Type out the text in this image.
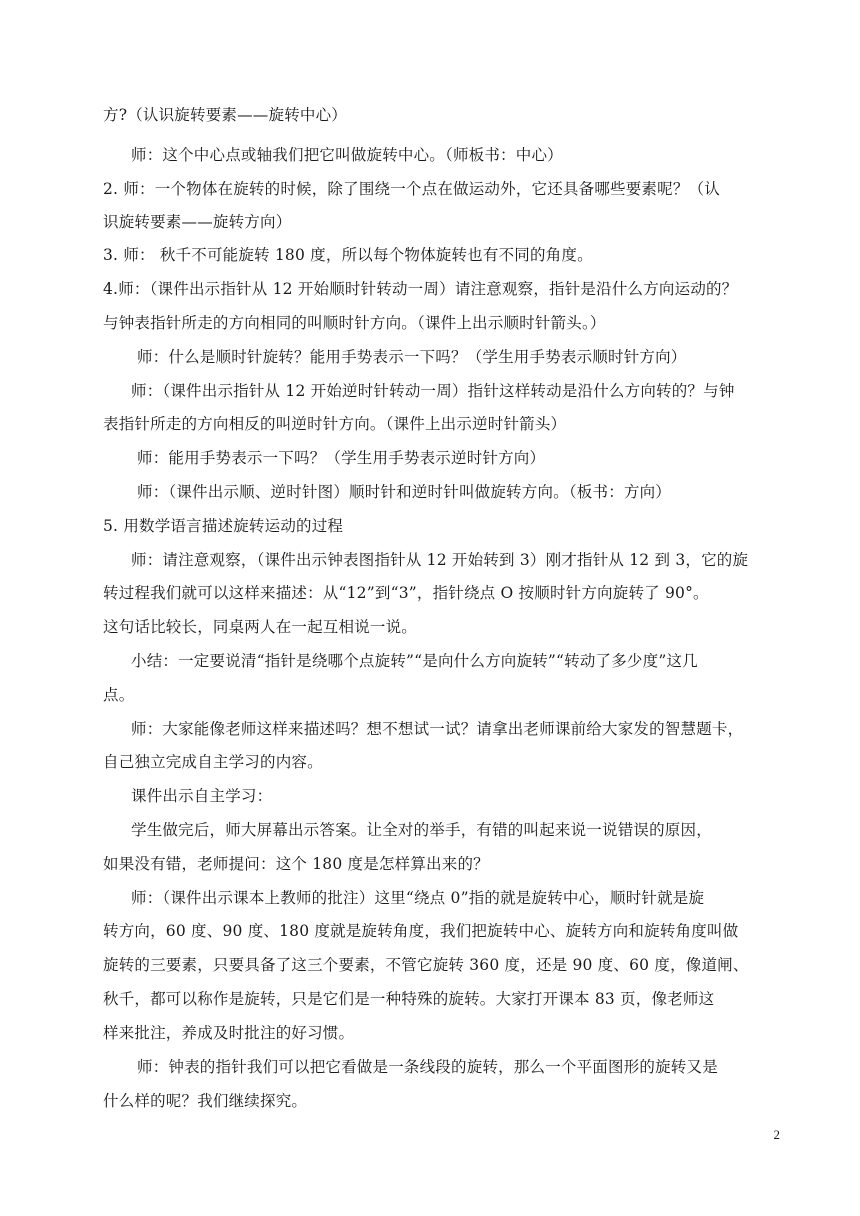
方?（认识旋转要素——旋转中心）
师：这个中心点或轴我们把它叫做旋转中心。（师板书：中心）
2. 师：一个物体在旋转的时候，除了围绕一个点在做运动外，它还具备哪些要素呢？（认
识旋转要素——旋转方向）
3. 师： 秋千不可能旋转 180 度，所以每个物体旋转也有不同的角度。
4.师：（课件出示指针从 12 开始顺时针转动一周）请注意观察，指针是沿什么方向运动的？
与钟表指针所走的方向相同的叫顺时针方向。（课件上出示顺时针箭头。）
师：什么是顺时针旋转？能用手势表示一下吗？（学生用手势表示顺时针方向）
师：（课件出示指针从 12 开始逆时针转动一周）指针这样转动是沿什么方向转的？与钟
表指针所走的方向相反的叫逆时针方向。（课件上出示逆时针箭头）
师：能用手势表示一下吗？（学生用手势表示逆时针方向）
师：（课件出示顺、逆时针图）顺时针和逆时针叫做旋转方向。（板书：方向）
5. 用数学语言描述旋转运动的过程
师：请注意观察，（课件出示钟表图指针从 12 开始转到 3）刚才指针从 12 到 3，它的旋
转过程我们就可以这样来描述：从“12”到“3”，指针绕点 O 按顺时针方向旋转了 90°。
这句话比较长，同桌两人在一起互相说一说。
小结：一定要说清“指针是绕哪个点旋转”“是向什么方向旋转”“转动了多少度”这几
点。
师：大家能像老师这样来描述吗？想不想试一试？请拿出老师课前给大家发的智慧题卡，
自己独立完成自主学习的内容。
课件出示自主学习：
学生做完后，师大屏幕出示答案。让全对的举手，有错的叫起来说一说错误的原因，
如果没有错，老师提问：这个 180 度是怎样算出来的？
师：（课件出示课本上教师的批注）这里“绕点 0”指的就是旋转中心，顺时针就是旋
转方向，60 度、90 度、180 度就是旋转角度，我们把旋转中心、旋转方向和旋转角度叫做
旋转的三要素，只要具备了这三个要素，不管它旋转 360 度，还是 90 度、60 度，像道闸、
秋千，都可以称作是旋转，只是它们是一种特殊的旋转。大家打开课本 83 页，像老师这
样来批注，养成及时批注的好习惯。
师：钟表的指针我们可以把它看做是一条线段的旋转，那么一个平面图形的旋转又是
什么样的呢？我们继续探究。
2
